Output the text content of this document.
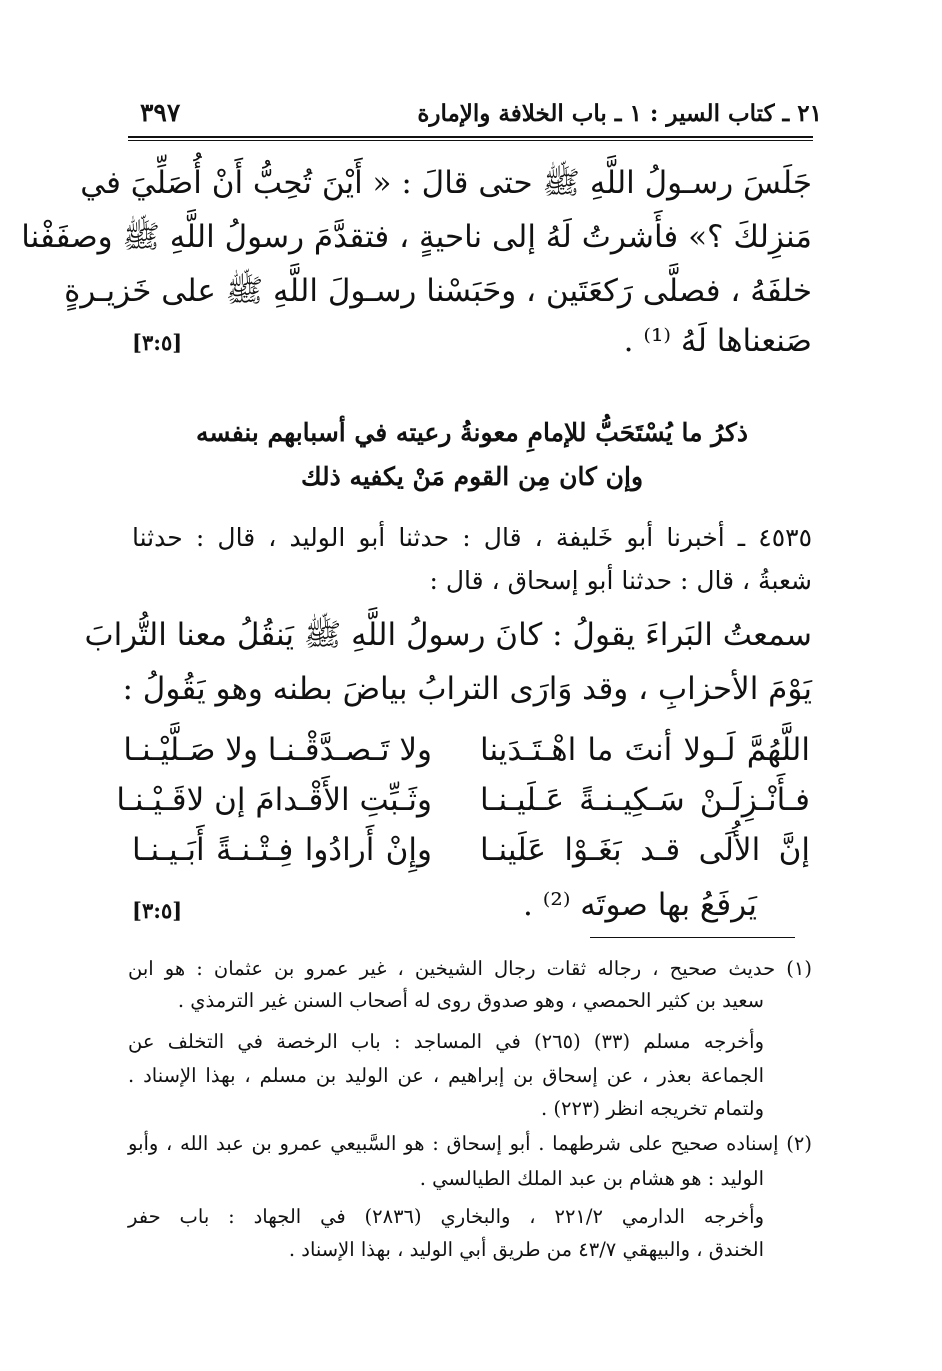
٢١ ـ كتاب السير : ١ ـ باب الخلافة والإمارة
٣٩٧
جَلَسَ رسـولُ اللَّهِ ﷺ حتى قالَ : « أَيْنَ تُحِبُّ أَنْ أُصَلِّيَ في
مَنزِلكَ ؟» فأَشرتُ لَهُ إلى ناحيةٍ ، فتقدَّمَ رسولُ اللَّهِ ﷺ وصفَفْنا
خلفَهُ ، فصلَّى رَكعَتَين ، وحَبَسْنا رسـولَ اللَّهِ ﷺ على خَزيـرةٍ
صَنعناها لَهُ ⁽¹⁾ .
[٣:٥]
ذكرُ ما يُسْتَحَبُّ للإمامِ معونةُ رعيته في أسبابهم بنفسه
وإن كان مِن القوم مَنْ يكفيه ذلك
٤٥٣٥ ـ أخبرنا أبو خَليفة ، قال : حدثنا أبو الوليد ، قال : حدثنا
شعبةُ ، قال : حدثنا أبو إسحاق ، قال :
سمعتُ البَراءَ يقولُ : كانَ رسولُ اللَّهِ ﷺ يَنقُلُ معنا التُّرابَ
يَوْمَ الأحزابِ ، وقد وَارَى الترابُ بياضَ بطنه وهو يَقُولُ :
اللَّهُمَّ لَـولا أنتَ ما اهْـتَـدَينا
ولا تَـصـدَّقْـنـا ولا صَـلَّيْـنـا
فـأَنْـزِلَـنْ سَـكِيـنـةً عَـلَيـنـا
وثَـبِّتِ الأَقْـدامَ إن لاقَـيْـنـا
إنَّ الأُلَى قـد بَغَـوْا عَلَينـا
وإِنْ أَرادُوا فِـتْـنـةً أَبَـيـنـا
يَرفَعُ بها صوتَه ⁽²⁾ .
[٣:٥]
(١) حديث صحيح ، رجاله ثقات رجال الشيخين ، غير عمرو بن عثمان : هو ابن
سعيد بن كثير الحمصي ، وهو صدوق روى له أصحاب السنن غير الترمذي .
وأخرجه مسلم (٣٣) (٢٦٥) في المساجد : باب الرخصة في التخلف عن
الجماعة بعذر ، عن إسحاق بن إبراهيم ، عن الوليد بن مسلم ، بهذا الإسناد .
ولتمام تخريجه انظر (٢٢٣) .
(٢) إسناده صحيح على شرطهما . أبو إسحاق : هو السَّبيعي عمرو بن عبد الله ، وأبو
الوليد : هو هشام بن عبد الملك الطيالسي .
وأخرجه الدارمي ٢٢١/٢ ، والبخاري (٢٨٣٦) في الجهاد : باب حفر
الخندق ، والبيهقي ٤٣/٧ من طريق أبي الوليد ، بهذا الإسناد .
